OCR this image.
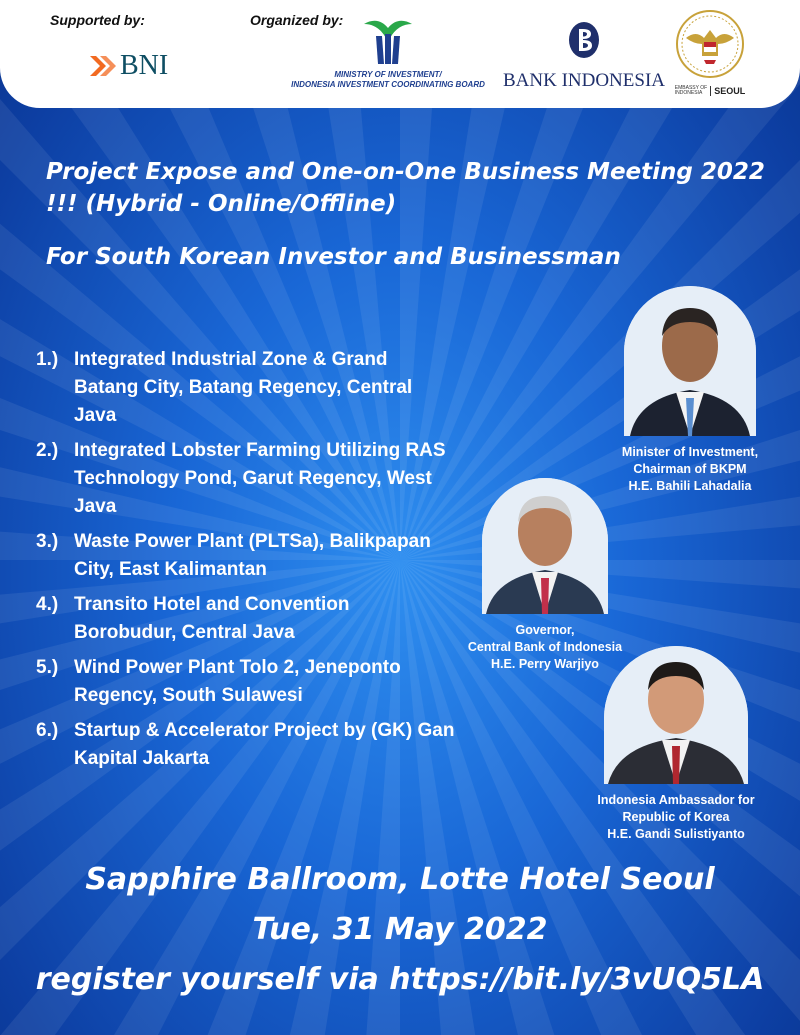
Supported by:	Organized by:
BNI	MINISTRY OF INVESTMENT/
INDONESIA INVESTMENT COORDINATING BOARD BANK INDONESIA EMBASSY OF
INDONESIA	SEOUL
Project Expose and One-on-One Business Meeting 2022 !!! (Hybrid - Online/Offline)
For South Korean Investor and Businessman
1.) Integrated Industrial Zone & Grand Batang City, Batang Regency, Central Java
2.) Integrated Lobster Farming Utilizing RAS Technology Pond, Garut Regency, West Java
3.) Waste Power Plant (PLTSa), Balikpapan City, East Kalimantan
4.) Transito Hotel and Convention Borobudur, Central Java
5.) Wind Power Plant Tolo 2, Jeneponto Regency, South Sulawesi
6.) Startup & Accelerator Project by (GK) Gan Kapital Jakarta
Minister of Investment,
Chairman of BKPM
H.E. Bahili Lahadalia
Governor,
Central Bank of Indonesia
H.E. Perry Warjiyo
Indonesia Ambassador for
Republic of Korea
H.E. Gandi Sulistiyanto
Sapphire Ballroom, Lotte Hotel Seoul
Tue, 31 May 2022
register yourself via https://bit.ly/3vUQ5LA
